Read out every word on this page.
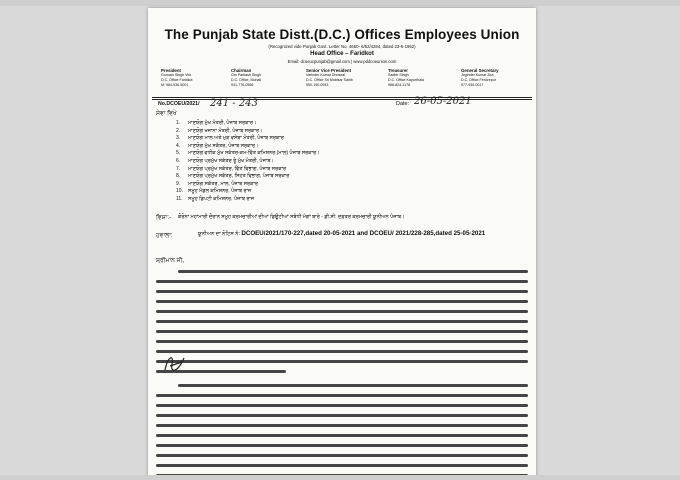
The Punjab State Distt.(D.C.) Offices Employees Union
(Recognized vide Punjab Govt. Letter No. 4660- 6/52/4284, dated 23-6-1952)
Head Office – Faridkot
Email: dcoeucpunjab@gmail.com | www.pddcoeunion.com
President
Gurnam Singh Virk
D.C. Office Faridkot
M: 964-936-5001
Chairman
Om Parkash Singh
D.C. Office, Mohali
941-776-0566
Senior Vice President
Varinder Kumar Dhoseal
D.C. Office Sri Muktsar Sahib
950-190-0943
Treasurer
Sadbir Singh
D.C. Office Kapurthala
988-824-1178
General Secretary
Joginder Kumar Zira
D.C. Office Ferozepur
977-930-0017
No.DCOEU/2021/ 241 - 243	Date: 26-05-2021
ਸੇਵਾ ਵਿਖੇ
1.	ਮਾਣਯੋਗ ਮੁੱਖ ਮੰਤਰੀ, ਪੰਜਾਬ ਸਰਕਾਰ।
2.	ਮਾਣਯੋਗ ਖਜ਼ਾਨਾ ਮੰਤਰੀ, ਪੰਜਾਬ ਸਰਕਾਰ।
3.	ਮਾਣਯੋਗ ਮਾਲ ਅਤੇ ਮੁੜ ਵਸੇਬਾ ਮੰਤਰੀ, ਪੰਜਾਬ ਸਰਕਾਰ
4.	ਮਾਣਯੋਗ ਮੁੱਖ ਸਕੱਤਰ, ਪੰਜਾਬ ਸਰਕਾਰ।
5.	ਮਾਣਯੋਗ ਵਧੀਕ ਮੁੱਖ ਸਕੱਤਰ-ਕਮ-ਵਿੱਤ ਕਮਿਸ਼ਨਰ (ਮਾਲ) ਪੰਜਾਬ ਸਰਕਾਰ।
6.	ਮਾਣਯੋਗ ਪ੍ਰਮੁੱਖ ਸਕੱਤਰ ਤੂੰ ਮੁੱਖ ਮੰਤਰੀ, ਪੰਜਾਬ।
7.	ਮਾਣਯੋਗ ਪ੍ਰਮੁੱਖ ਸਕੱਤਰ, ਵਿੱਤ ਵਿਭਾਗ, ਪੰਜਾਬ ਸਰਕਾਰ
8.	ਮਾਣਯੋਗ ਪ੍ਰਮੁੱਖ ਸਕੱਤਰ, ਸਿਹਤ ਵਿਭਾਗ, ਪੰਜਾਬ ਸਰਕਾਰ
9.	ਮਾਣਯੋਗ ਸਕੱਤਰ, ਮਾਲ, ਪੰਜਾਬ ਸਰਕਾਰ
10.	ਸਮੂਹ ਮੰਡਲ ਕਮਿਸ਼ਨਰ, ਪੰਜਾਬ ਰਾਜ
11.	ਸਮੂਹ ਡਿਪਟੀ ਕਮਿਸ਼ਨਰ, ਪੰਜਾਬ ਰਾਜ
ਵਿਸ਼ਾ:- ਕੋਰੋਨਾ ਮਹਾਂਮਾਰੀ ਦੌਰਾਨ ਸਮੂਹ ਕਰਮਚਾਰੀਆਂ ਦੀਆਂ ਡਿਊਟੀਆਂ ਸਬੰਧੀ ਮੰਗਾਂ ਬਾਰੇ - ਡੀ.ਸੀ. ਦਫ਼ਤਰ ਕਰਮਚਾਰੀ ਯੂਨੀਅਨ ਪੰਜਾਬ।
ਹਵਾਲਾ:	ਯੂਨੀਅਨ ਦਾ ਨੋਟਿਸ ਨੰ: DCOEU/2021/170-227,dated 20-05-2021 and DCOEU/ 2021/228-285,dated 25-05-2021
ਸ਼੍ਰੀਮਾਨ ਜੀ,
